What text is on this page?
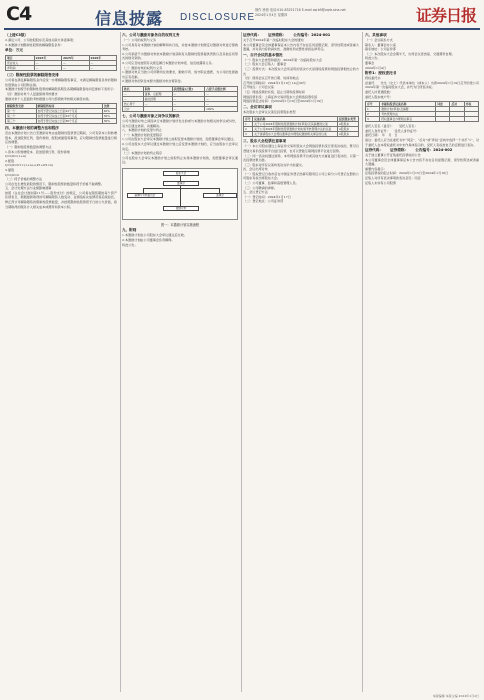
C4	信息披露 DISCLOSURE
制作 徐茵 电话:010-83251716 E-mail zqrb9@zqrb.sina.net
2024年1月4日 星期四	证券日报
（上接C3版）
2.满足公司、公司控股股东及其他关联方承诺事项；
3.本激励计划限制性股票的解除限售条件：
单位：万元
项目	2024年	2025年	2026年
营业收入	—	—	—
净利润	—	—	—
（三）限制性股票的解除限售安排
公司将在满足解除限售条件后统一办理解除限售事宜，未满足解除限售条件的限制性股票由公司回购注销。
本激励计划授予的限制性股票的解除限售期及各期解除限售时间安排如下表所示：
（四）激励对象个人层面绩效考核要求
激励对象个人层面的考核根据公司内部绩效考核相关制度实施。
解除限售安排	解除限售时间	比例
第一个	自授予登记完成之日起12个月后	40%
第二个	自授予登记完成之日起24个月后	30%
第三个	自授予登记完成之日起36个月后	30%
四、本激励计划的调整方法和程序
若在本激励计划公告日至激励对象完成限制性股票登记期间，公司有资本公积转增股本、派送股票红利、股份拆细、配股或缩股等事项，应对限制性股票数量进行相应的调整。
（一）限制性股票数量的调整方法
1.资本公积转增股本、派送股票红利、股份拆细
Q=Q0×(1+n)
2.配股
Q=Q0×P1×(1+n)÷(P1+P2×n)
3.缩股
Q=Q0×n
（二）授予价格的调整方法
公司在发生增发新股的情况下，限制性股票的数量和授予价格不做调整。
五、会计处理方法与业绩影响测算
按照《企业会计准则第11号——股份支付》的规定，公司将在限售期的每个资产负债表日，根据最新取得的可解除限售人数变动、业绩指标完成情况等后续信息，修正预计可解除限售的限制性股票数量，并按照限制性股票授予日的公允价值，将当期取得的服务计入相关成本或费用和资本公积。
六、公司与激励对象各自的权利义务
（一）公司的权利与义务
1.公司具有对本激励计划的解释和执行权，并按本激励计划规定对激励对象进行绩效考核。
2.公司承诺不为激励对象依本激励计划获取有关限制性股票提供贷款以及其他任何形式的财务资助。
3.公司应及时按照有关规定履行本激励计划申报、信息披露等义务。
（二）激励对象的权利与义务
1.激励对象应当按公司所聘岗位的要求，勤勉尽责、恪守职业道德，为公司的发展做出应有贡献。
2.激励对象的资金来源为激励对象自筹资金。
姓名	职务	获授数量(万股)	占授予总数比例
—	董事、总经理	—	—
—	副总经理	—	—
核心骨干	—	—	—
合计		—	100%
七、公司与激励对象之间争议的解决
公司与激励对象之间因执行本激励计划所发生的或与本激励计划相关的争议或纠纷，双方应通过协商、沟通解决。
八、本激励计划的变更与终止
（一）本激励计划的变更程序
1.公司在股东大会审议本激励计划之前拟变更本激励计划的，需经董事会审议通过。
2.公司在股东大会审议通过本激励计划之后变更本激励计划的，应当由股东大会审议决定。
（二）本激励计划的终止程序
公司在股东大会审议本激励计划之前拟终止实施本激励计划的，需经董事会审议通过。
股东大会
董事会
薪酬与考核委员会	监事会
激励对象
图一：本激励计划实施流程
九、附则
1.本激励计划在公司股东大会审议通过后生效。
2.本激励计划由公司董事会负责解释。
特此公告。
证券代码：　　证券简称：　　公告编号：2024-001
关于召开2024年第一次临时股东大会的通知
本公司董事会及全体董事保证本公告内容不存在任何虚假记载、误导性陈述或者重大遗漏，并对其内容的真实性、准确性和完整性承担法律责任。
一、召开会议的基本情况
（一）股东大会类型和届次：2024年第一次临时股东大会
（二）股东大会召集人：董事会
（三）投票方式：本次股东大会所采用的表决方式是现场投票和网络投票相结合的方式
（四）现场会议召开的日期、时间和地点
召开的日期时间：2024年1月19日 14点30分
召开地点：公司会议室
（五）网络投票的系统、起止日期和投票时间
网络投票系统：上海证券交易所股东大会网络投票系统
网络投票起止时间：自2024年1月19日至2024年1月19日
二、会议审议事项
本次股东大会审议议案及投票股东类型
序号	议案名称	投票股东类型
1	关于公司2024年限制性股票激励计划(草案)及其摘要的议案	A股股东
2	关于公司2024年限制性股票激励计划实施考核管理办法的议案	A股股东
3	关于提请股东大会授权董事会办理股权激励相关事宜的议案	A股股东
三、股东大会投票注意事项
（一）本公司股东通过上海证券交易所股东大会网络投票系统行使表决权的，既可以登陆交易系统投票平台进行投票，也可以登陆互联网投票平台进行投票。
（二）同一表决权通过现场、本所网络投票平台或其他方式重复进行表决的，以第一次投票结果为准。
（三）股东对所有议案均表决完毕才能提交。
四、会议出席对象
（一）股权登记日收市后在中国证券登记结算有限责任公司上海分公司登记在册的公司股东有权出席股东大会。
（二）公司董事、监事和高级管理人员。
（三）公司聘请的律师。
五、会议登记方法
（一）登记时间：2024年1月17日
（二）登记地点：公司证券部
六、其他事项
（一）会议联系方式
联系人：董事会办公室
联系地址：公司证券部
（二）本次股东大会会期半天，出席会议者食宿、交通费用自理。
特此公告。
董事会
2024年1月4日
附件1：授权委托书
授权委托书
兹委托　　先生（女士）代表本单位（或本人）出席2024年1月19日召开的贵公司2024年第一次临时股东大会，并代为行使表决权。
委托人持普通股数：
委托人股东帐户号：
序号	非累积投票议案名称	同意	反对	弃权
1	激励计划(草案)及摘要			
2	考核管理办法			
3	授权董事会办理相关事宜			
委托人签名（盖章）：　　受托人签名：
委托人身份证号：　　受托人身份证号：
委托日期：　年　月　日
备注：委托人应当在委托书中“同意”、“反对”或“弃权”意向中选择一个并打“√”，对于委托人在本授权委托书中未作具体指示的，受托人有权按自己的意愿进行表决。
证券代码：　　证券简称：　　公告编号：2024-002
关于独立董事公开征集委托投票权的公告
本公司董事会及全体董事保证本公告内容不存在任何虚假记载、误导性陈述或者重大遗漏。
重要内容提示：
征集投票权的起止时间：2024年1月15日至2024年1月16日
征集人对所有表决事项的表决意见：同意
征集人未持有公司股票
本版编辑 本版主编 2024年1月4日
